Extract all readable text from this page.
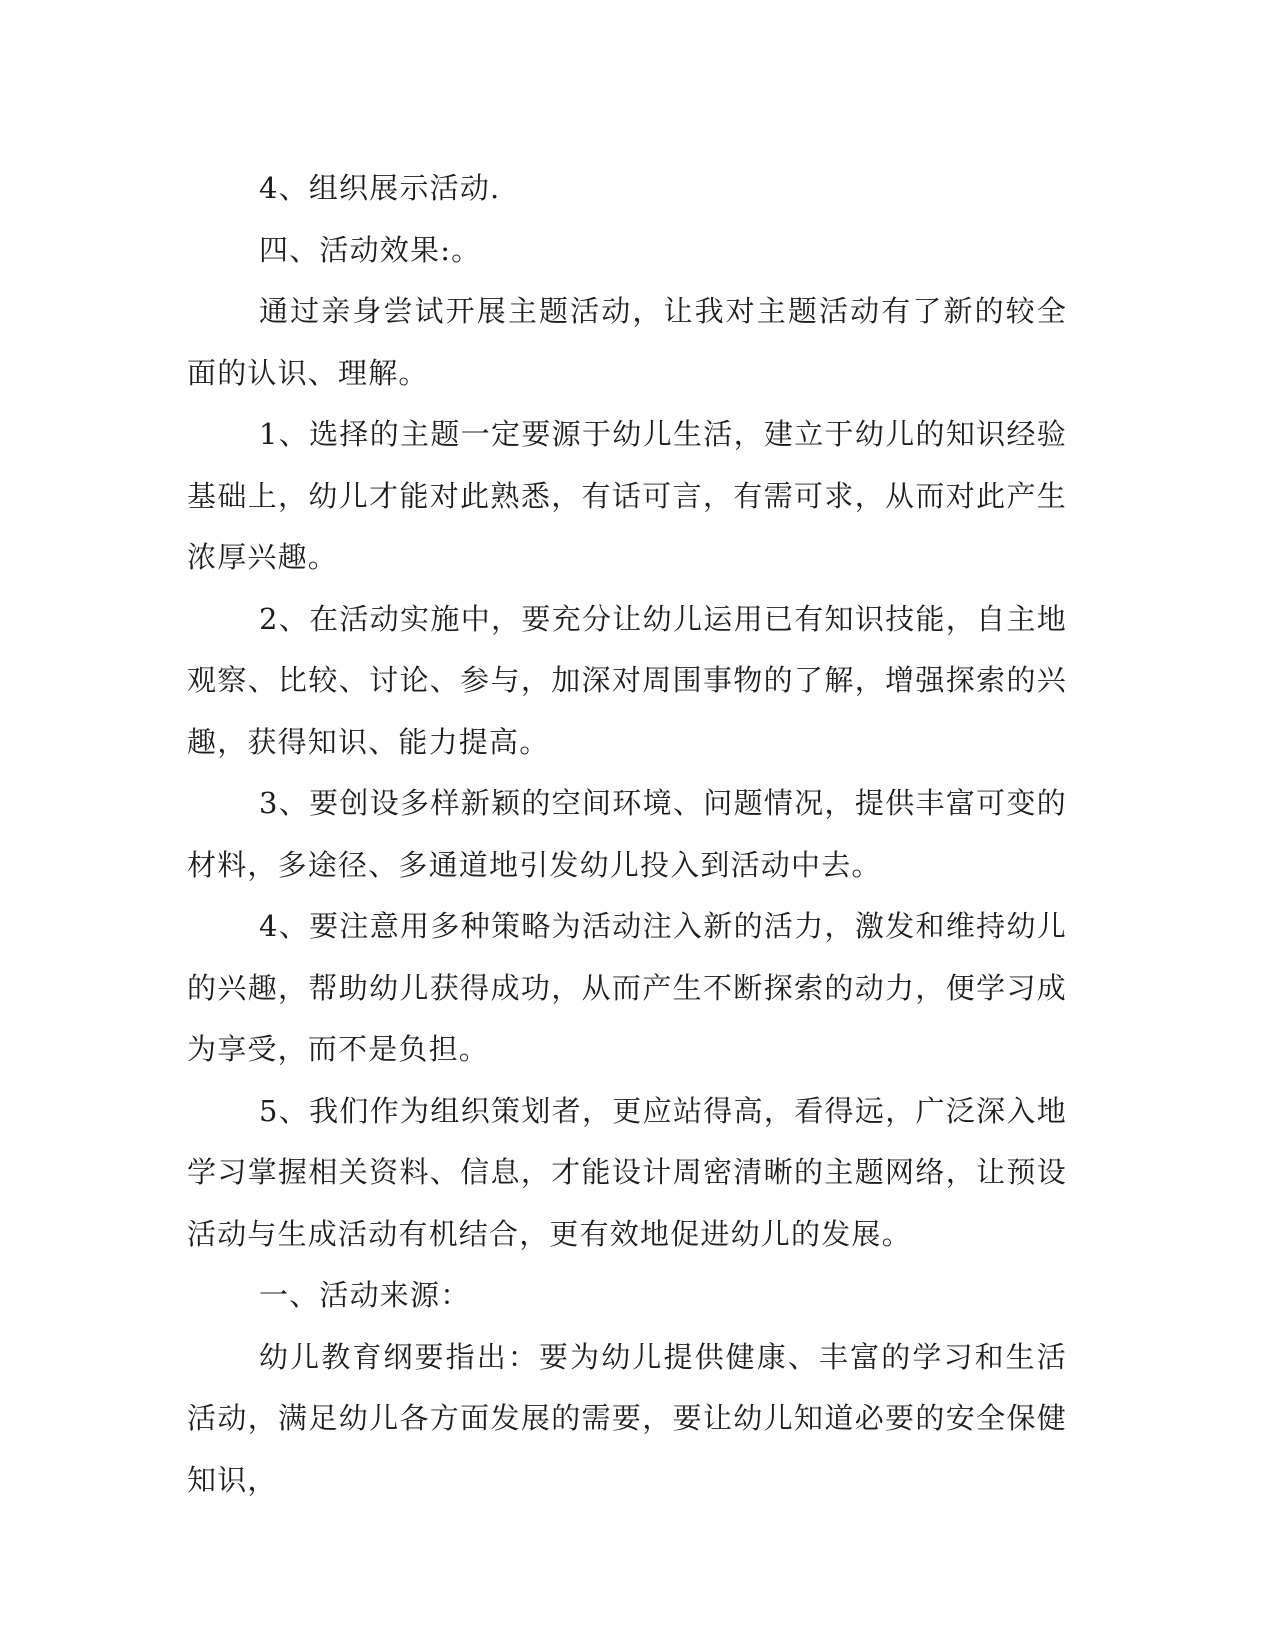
4、组织展示活动.

四、活动效果:。

通过亲身尝试开展主题活动，让我对主题活动有了新的较全面的认识、理解。

1、选择的主题一定要源于幼儿生活，建立于幼儿的知识经验基础上，幼儿才能对此熟悉，有话可言，有需可求，从而对此产生浓厚兴趣。

2、在活动实施中，要充分让幼儿运用已有知识技能，自主地观察、比较、讨论、参与，加深对周围事物的了解，增强探索的兴趣，获得知识、能力提高。

3、要创设多样新颖的空间环境、问题情况，提供丰富可变的材料，多途径、多通道地引发幼儿投入到活动中去。

4、要注意用多种策略为活动注入新的活力，激发和维持幼儿的兴趣，帮助幼儿获得成功，从而产生不断探索的动力，便学习成为享受，而不是负担。

5、我们作为组织策划者，更应站得高，看得远，广泛深入地学习掌握相关资料、信息，才能设计周密清晰的主题网络，让预设活动与生成活动有机结合，更有效地促进幼儿的发展。

一、活动来源：

幼儿教育纲要指出：要为幼儿提供健康、丰富的学习和生活活动，满足幼儿各方面发展的需要，要让幼儿知道必要的安全保健知识，
